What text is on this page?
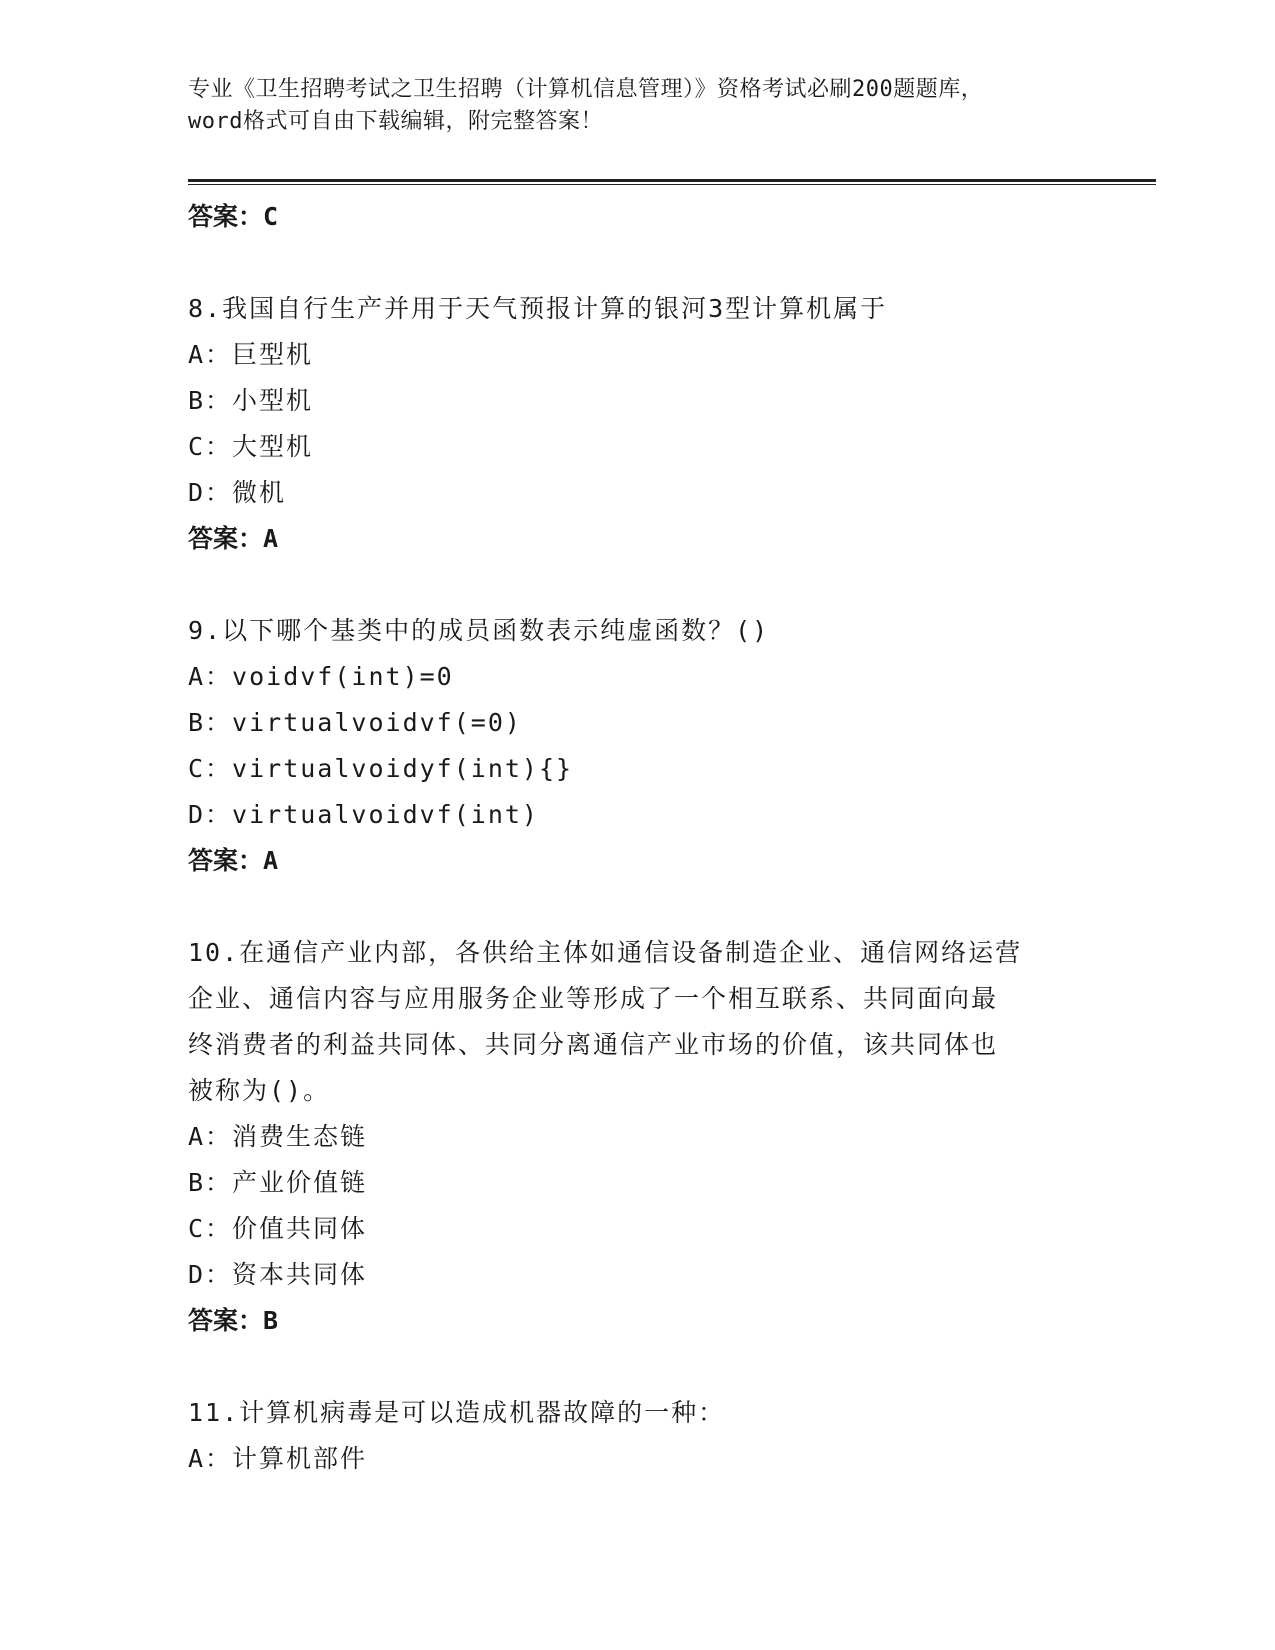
专业《卫生招聘考试之卫生招聘（计算机信息管理）》资格考试必刷200题题库，
word格式可自由下载编辑，附完整答案！
答案：C
8.我国自行生产并用于天气预报计算的银河3型计算机属于
A：巨型机
B：小型机
C：大型机
D：微机
答案：A
9.以下哪个基类中的成员函数表示纯虚函数？()
A：voidvf(int)=0
B：virtualvoidvf(=0)
C：virtualvoidyf(int){}
D：virtualvoidvf(int)
答案：A
10.在通信产业内部，各供给主体如通信设备制造企业、通信网络运营
企业、通信内容与应用服务企业等形成了一个相互联系、共同面向最
终消费者的利益共同体、共同分离通信产业市场的价值，该共同体也
被称为()。
A：消费生态链
B：产业价值链
C：价值共同体
D：资本共同体
答案：B
11.计算机病毒是可以造成机器故障的一种：
A：计算机部件
